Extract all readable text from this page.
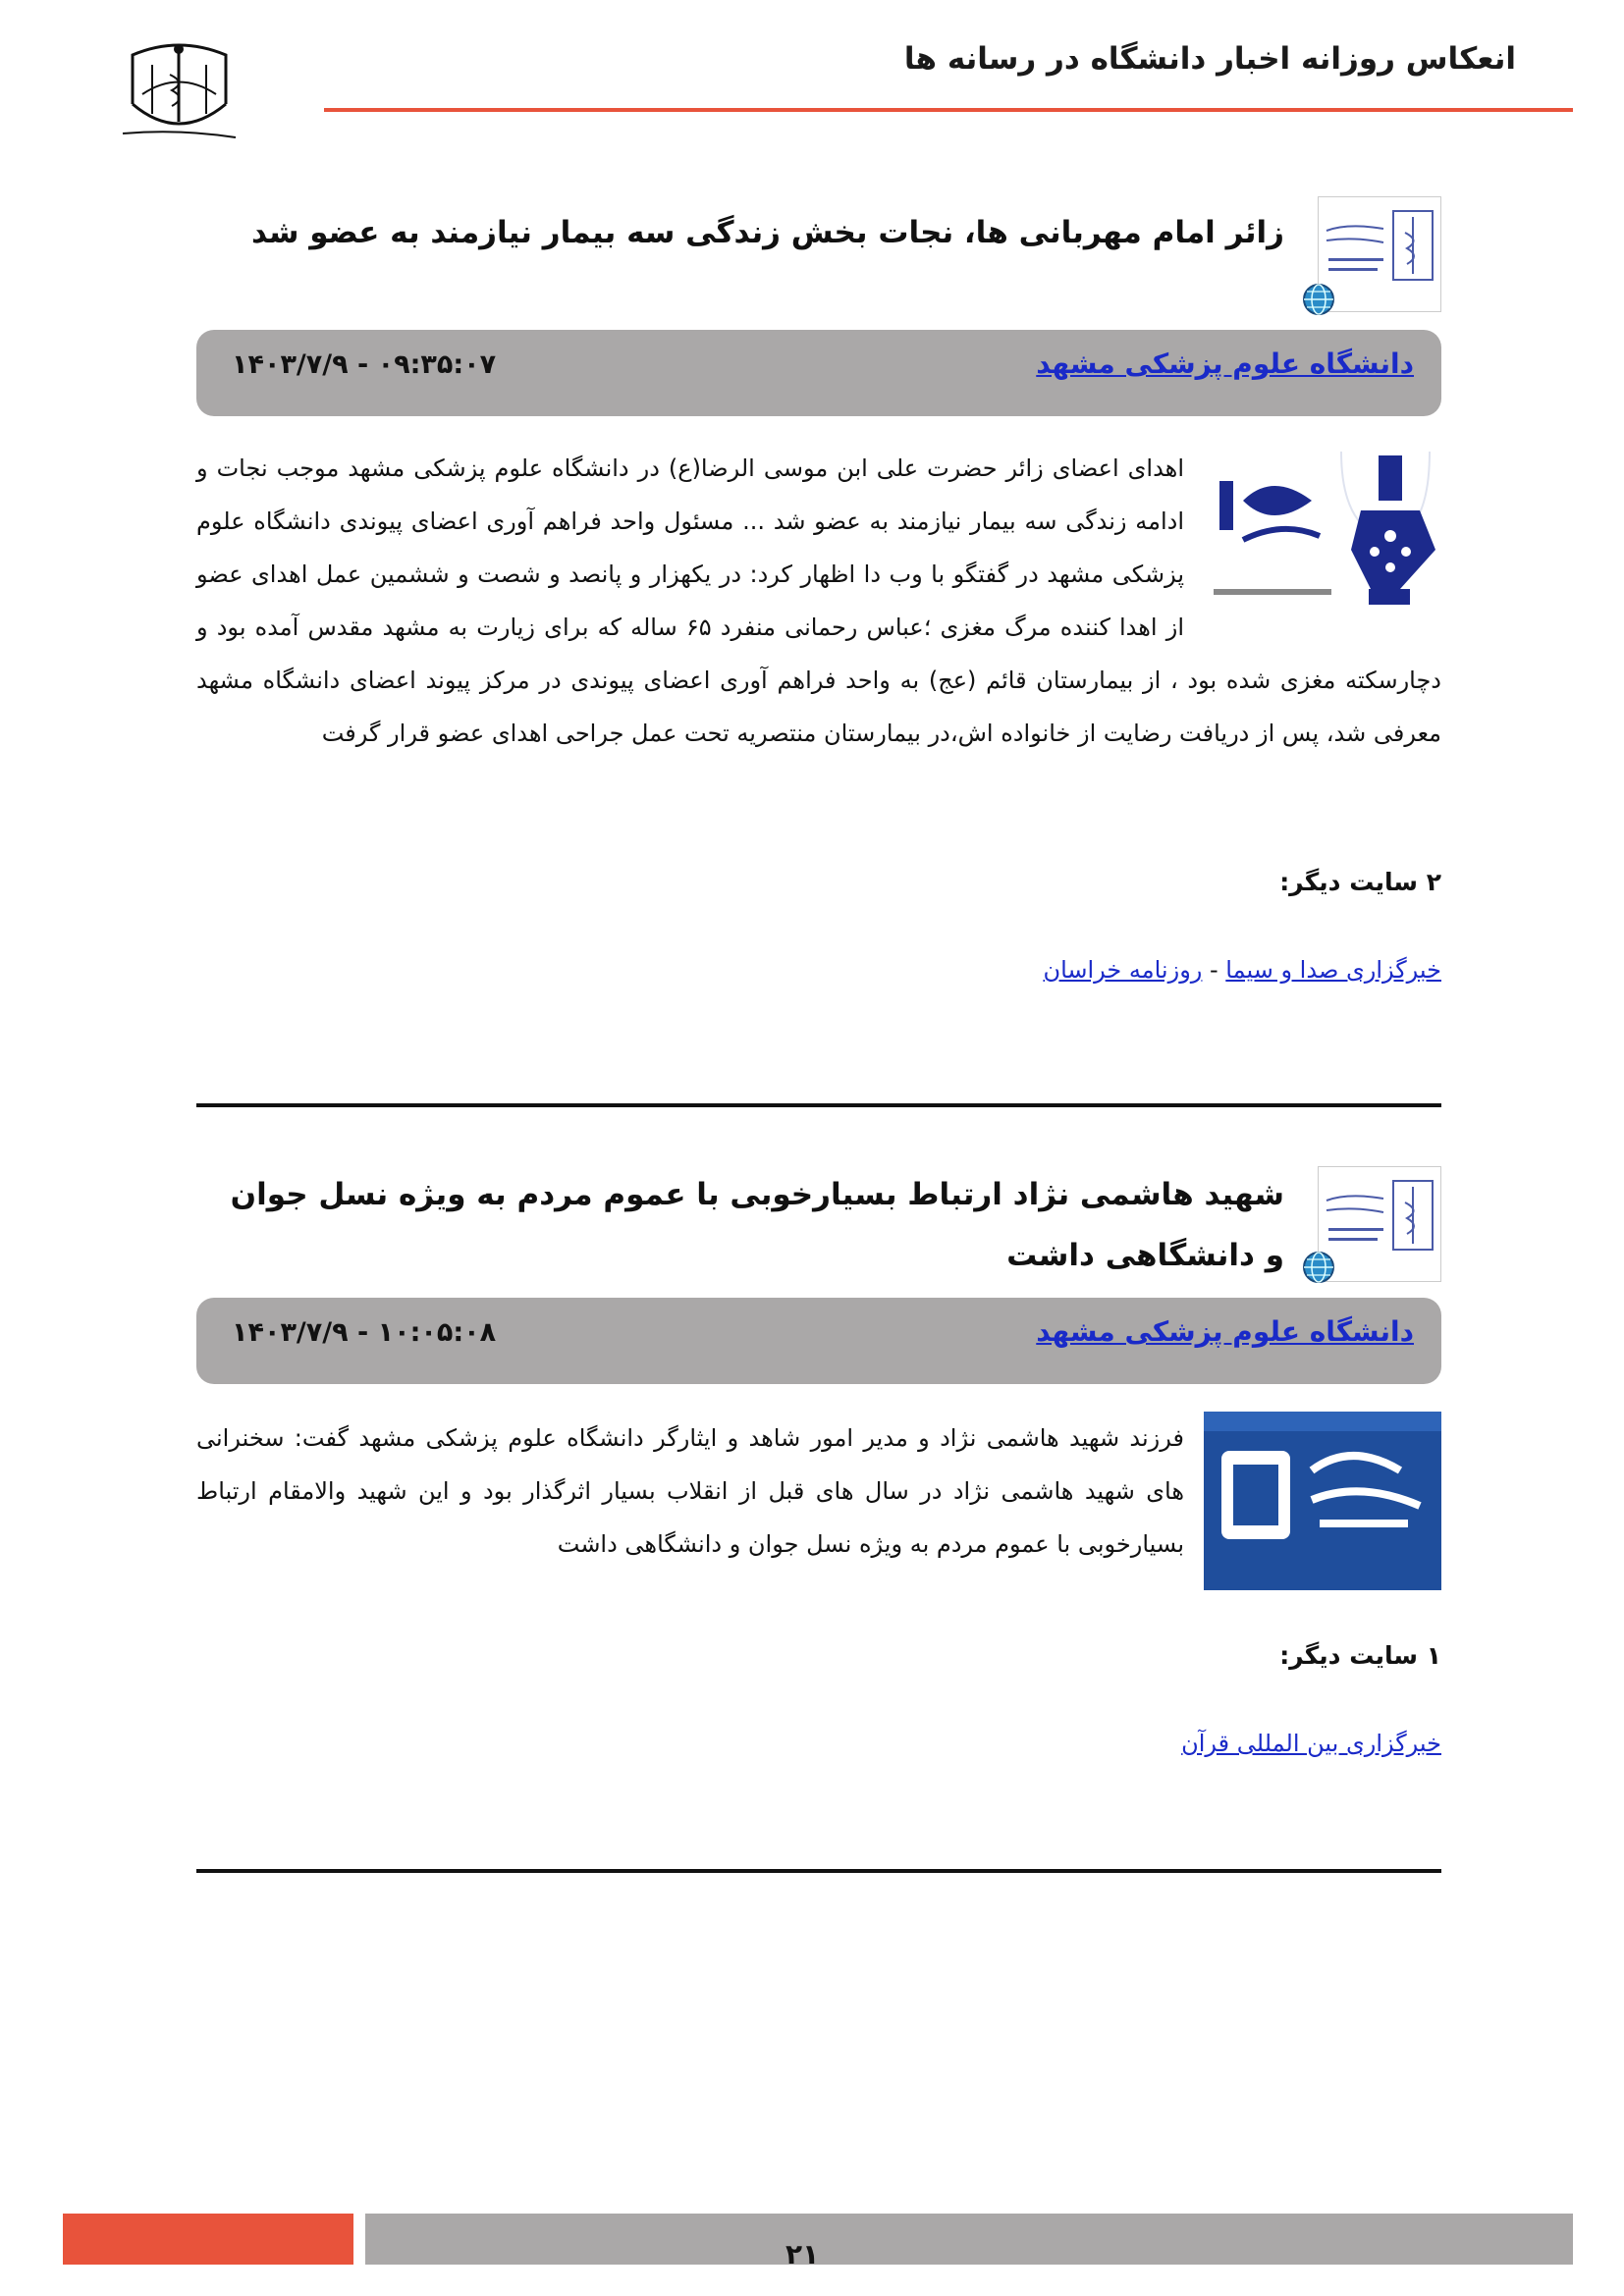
انعکاس روزانه اخبار دانشگاه در رسانه ها
زائر امام مهربانی ها، نجات بخش زندگی سه بیمار نیازمند به عضو شد
دانشگاه علوم پزشکی مشهد
۱۴۰۳/۷/۹ - ۰۹:۳۵:۰۷
اهدای اعضای زائر حضرت علی ابن موسی الرضا(ع) در دانشگاه علوم پزشکی مشهد موجب نجات و ادامه زندگی سه بیمار نیازمند به عضو شد ... مسئول واحد فراهم آوری اعضای پیوندی دانشگاه علوم پزشکی مشهد در گفتگو با وب دا اظهار کرد: در یکهزار و پانصد و شصت و ششمین عمل اهدای عضو از اهدا کننده مرگ مغزی ؛عباس رحمانی منفرد ۶۵ ساله که برای زیارت به مشهد مقدس آمده بود و دچارسکته مغزی شده بود ، از بیمارستان قائم (عج) به واحد فراهم آوری اعضای پیوندی در مرکز پیوند اعضای دانشگاه مشهد معرفی شد، پس از دریافت رضایت از خانواده اش،در بیمارستان منتصریه تحت عمل جراحی اهدای عضو قرار گرفت
۲ سایت دیگر:
خبرگزاری صدا و سیما - روزنامه خراسان
شهید هاشمی نژاد ارتباط بسیارخوبی با عموم مردم به ویژه نسل جوان و دانشگاهی داشت
دانشگاه علوم پزشکی مشهد
۱۴۰۳/۷/۹ - ۱۰:۰۵:۰۸
فرزند شهید هاشمی نژاد و مدیر امور شاهد و ایثارگر دانشگاه علوم پزشکی مشهد گفت: سخنرانی های شهید هاشمی نژاد در سال های قبل از انقلاب بسیار اثرگذار بود و این شهید والامقام ارتباط بسیارخوبی با عموم مردم به ویژه نسل جوان و دانشگاهی داشت
۱ سایت دیگر:
خبرگزاری بین المللی قرآن
۲۱
